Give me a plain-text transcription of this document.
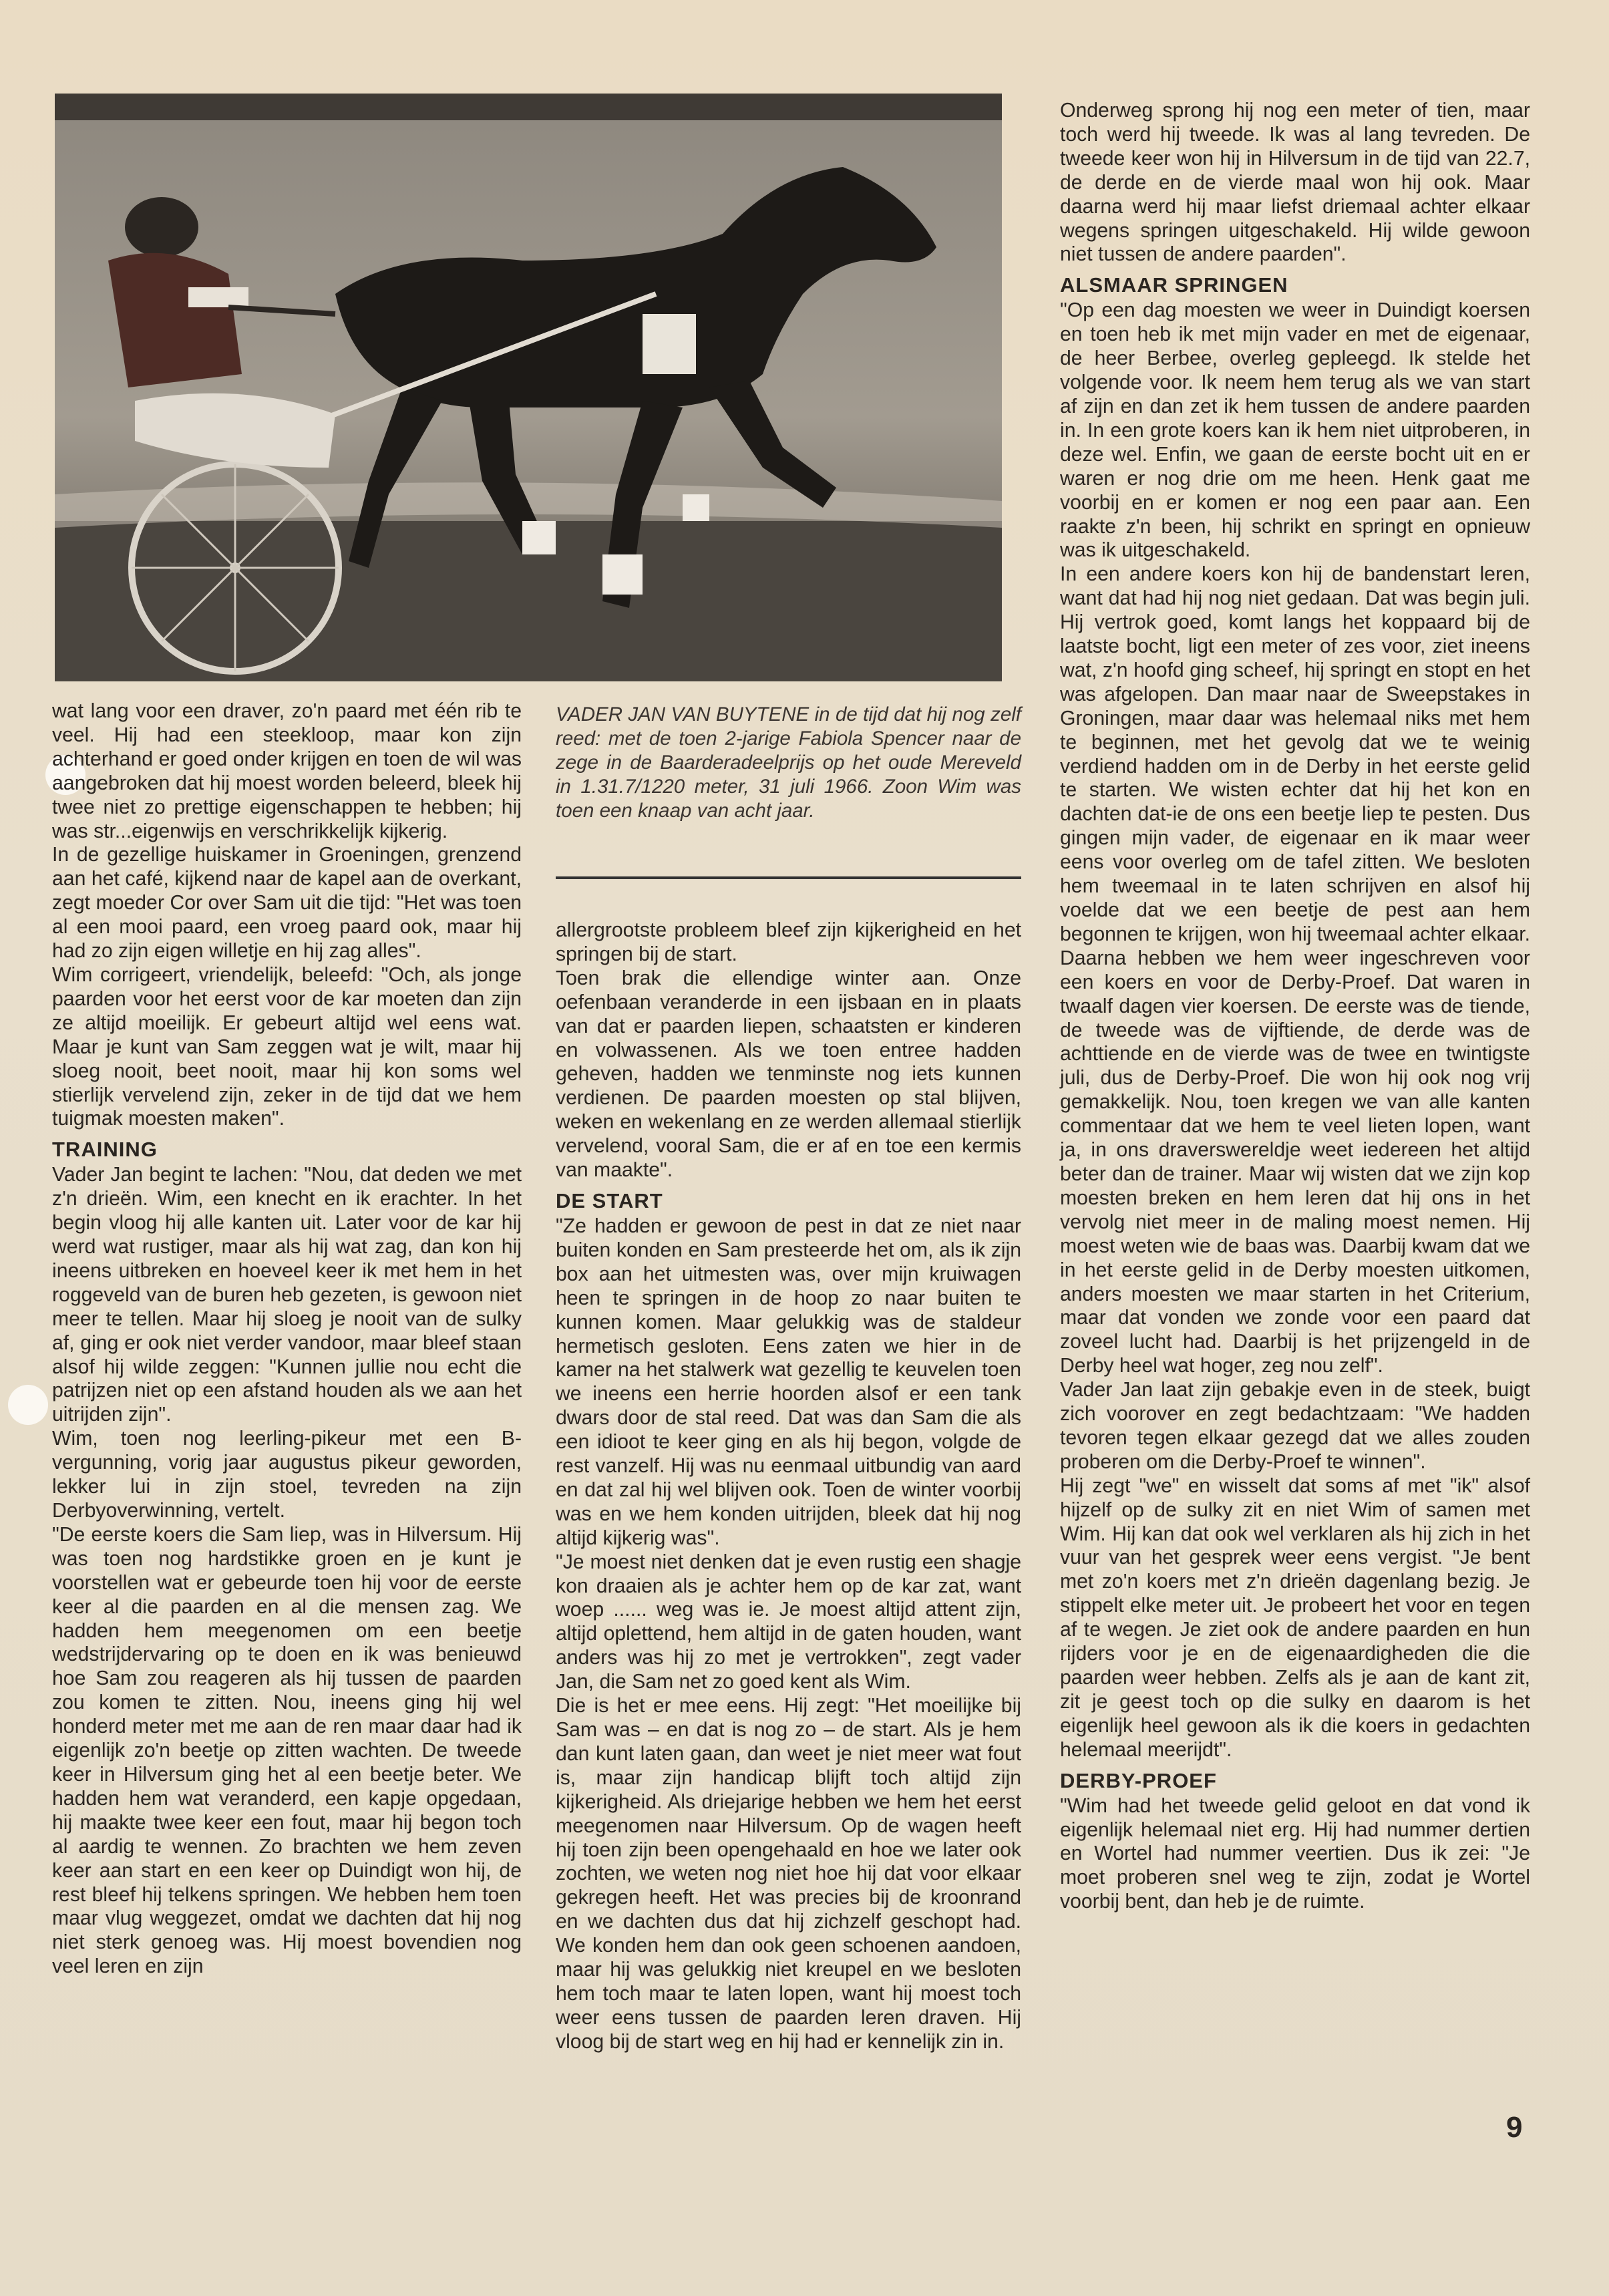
wat lang voor een draver, zo'n paard met één rib te veel. Hij had een steekloop, maar kon zijn achterhand er goed onder krijgen en toen de wil was aangebroken dat hij moest worden beleerd, bleek hij twee niet zo prettige eigenschappen te hebben; hij was str...eigenwijs en verschrikkelijk kijkerig.

In de gezellige huiskamer in Groeningen, grenzend aan het café, kijkend naar de kapel aan de overkant, zegt moeder Cor over Sam uit die tijd: "Het was toen al een mooi paard, een vroeg paard ook, maar hij had zo zijn eigen willetje en hij zag alles".

Wim corrigeert, vriendelijk, beleefd: "Och, als jonge paarden voor het eerst voor de kar moeten dan zijn ze altijd moeilijk. Er gebeurt altijd wel eens wat. Maar je kunt van Sam zeggen wat je wilt, maar hij sloeg nooit, beet nooit, maar hij kon soms wel stierlijk vervelend zijn, zeker in de tijd dat we hem tuigmak moesten maken".

TRAINING

Vader Jan begint te lachen: "Nou, dat deden we met z'n drieën. Wim, een knecht en ik erachter. In het begin vloog hij alle kanten uit. Later voor de kar hij werd wat rustiger, maar als hij wat zag, dan kon hij ineens uitbreken en hoeveel keer ik met hem in het roggeveld van de buren heb gezeten, is gewoon niet meer te tellen. Maar hij sloeg je nooit van de sulky af, ging er ook niet verder vandoor, maar bleef staan alsof hij wilde zeggen: "Kunnen jullie nou echt die patrijzen niet op een afstand houden als we aan het uitrijden zijn".

Wim, toen nog leerling-pikeur met een B-vergunning, vorig jaar augustus pikeur geworden, lekker lui in zijn stoel, tevreden na zijn Derbyoverwinning, vertelt.

"De eerste koers die Sam liep, was in Hilversum. Hij was toen nog hardstikke groen en je kunt je voorstellen wat er gebeurde toen hij voor de eerste keer al die paarden en al die mensen zag. We hadden hem meegenomen om een beetje wedstrijdervaring op te doen en ik was benieuwd hoe Sam zou reageren als hij tussen de paarden zou komen te zitten. Nou, ineens ging hij wel honderd meter met me aan de ren maar daar had ik eigenlijk zo'n beetje op zitten wachten. De tweede keer in Hilversum ging het al een beetje beter. We hadden hem wat veranderd, een kapje opgedaan, hij maakte twee keer een fout, maar hij begon toch al aardig te wennen. Zo brachten we hem zeven keer aan start en een keer op Duindigt won hij, de rest bleef hij telkens springen. We hebben hem toen maar vlug weggezet, omdat we dachten dat hij nog niet sterk genoeg was. Hij moest bovendien nog veel leren en zijn

VADER JAN VAN BUYTENE in de tijd dat hij nog zelf reed: met de toen 2-jarige Fabiola Spencer naar de zege in de Baarderadeelprijs op het oude Mereveld in 1.31.7/1220 meter, 31 juli 1966. Zoon Wim was toen een knaap van acht jaar.

allergrootste probleem bleef zijn kijkerigheid en het springen bij de start.

Toen brak die ellendige winter aan. Onze oefenbaan veranderde in een ijsbaan en in plaats van dat er paarden liepen, schaatsten er kinderen en volwassenen. Als we toen entree hadden geheven, hadden we tenminste nog iets kunnen verdienen. De paarden moesten op stal blijven, weken en wekenlang en ze werden allemaal stierlijk vervelend, vooral Sam, die er af en toe een kermis van maakte".

DE START

"Ze hadden er gewoon de pest in dat ze niet naar buiten konden en Sam presteerde het om, als ik zijn box aan het uitmesten was, over mijn kruiwagen heen te springen in de hoop zo naar buiten te kunnen komen. Maar gelukkig was de staldeur hermetisch gesloten. Eens zaten we hier in de kamer na het stalwerk wat gezellig te keuvelen toen we ineens een herrie hoorden alsof er een tank dwars door de stal reed. Dat was dan Sam die als een idioot te keer ging en als hij begon, volgde de rest vanzelf. Hij was nu eenmaal uitbundig van aard en dat zal hij wel blijven ook. Toen de winter voorbij was en we hem konden uitrijden, bleek dat hij nog altijd kijkerig was".

"Je moest niet denken dat je even rustig een shagje kon draaien als je achter hem op de kar zat, want woep ...... weg was ie. Je moest altijd attent zijn, altijd oplettend, hem altijd in de gaten houden, want anders was hij zo met je vertrokken", zegt vader Jan, die Sam net zo goed kent als Wim.

Die is het er mee eens. Hij zegt: "Het moeilijke bij Sam was – en dat is nog zo – de start. Als je hem dan kunt laten gaan, dan weet je niet meer wat fout is, maar zijn handicap blijft toch altijd zijn kijkerigheid. Als driejarige hebben we hem het eerst meegenomen naar Hilversum. Op de wagen heeft hij toen zijn been opengehaald en hoe we later ook zochten, we weten nog niet hoe hij dat voor elkaar gekregen heeft. Het was precies bij de kroonrand en we dachten dus dat hij zichzelf geschopt had. We konden hem dan ook geen schoenen aandoen, maar hij was gelukkig niet kreupel en we besloten hem toch maar te laten lopen, want hij moest toch weer eens tussen de paarden leren draven. Hij vloog bij de start weg en hij had er kennelijk zin in.

Onderweg sprong hij nog een meter of tien, maar toch werd hij tweede. Ik was al lang tevreden. De tweede keer won hij in Hilversum in de tijd van 22.7, de derde en de vierde maal won hij ook. Maar daarna werd hij maar liefst driemaal achter elkaar wegens springen uitgeschakeld. Hij wilde gewoon niet tussen de andere paarden".

ALSMAAR SPRINGEN

"Op een dag moesten we weer in Duindigt koersen en toen heb ik met mijn vader en met de eigenaar, de heer Berbee, overleg gepleegd. Ik stelde het volgende voor. Ik neem hem terug als we van start af zijn en dan zet ik hem tussen de andere paarden in. In een grote koers kan ik hem niet uitproberen, in deze wel. Enfin, we gaan de eerste bocht uit en er waren er nog drie om me heen. Henk gaat me voorbij en er komen er nog een paar aan. Een raakte z'n been, hij schrikt en springt en opnieuw was ik uitgeschakeld.

In een andere koers kon hij de bandenstart leren, want dat had hij nog niet gedaan. Dat was begin juli. Hij vertrok goed, komt langs het koppaard bij de laatste bocht, ligt een meter of zes voor, ziet ineens wat, z'n hoofd ging scheef, hij springt en stopt en het was afgelopen. Dan maar naar de Sweepstakes in Groningen, maar daar was helemaal niks met hem te beginnen, met het gevolg dat we te weinig verdiend hadden om in de Derby in het eerste gelid te starten. We wisten echter dat hij het kon en dachten dat-ie de ons een beetje liep te pesten. Dus gingen mijn vader, de eigenaar en ik maar weer eens voor overleg om de tafel zitten. We besloten hem tweemaal in te laten schrijven en alsof hij voelde dat we een beetje de pest aan hem begonnen te krijgen, won hij tweemaal achter elkaar. Daarna hebben we hem weer ingeschreven voor een koers en voor de Derby-Proef. Dat waren in twaalf dagen vier koersen. De eerste was de tiende, de tweede was de vijftiende, de derde was de achttiende en de vierde was de twee en twintigste juli, dus de Derby-Proef. Die won hij ook nog vrij gemakkelijk. Nou, toen kregen we van alle kanten commentaar dat we hem te veel lieten lopen, want ja, in ons draverswereldje weet iedereen het altijd beter dan de trainer. Maar wij wisten dat we zijn kop moesten breken en hem leren dat hij ons in het vervolg niet meer in de maling moest nemen. Hij moest weten wie de baas was. Daarbij kwam dat we in het eerste gelid in de Derby moesten uitkomen, anders moesten we maar starten in het Criterium, maar dat vonden we zonde voor een paard dat zoveel lucht had. Daarbij is het prijzengeld in de Derby heel wat hoger, zeg nou zelf".

Vader Jan laat zijn gebakje even in de steek, buigt zich voorover en zegt bedachtzaam: "We hadden tevoren tegen elkaar gezegd dat we alles zouden proberen om die Derby-Proef te winnen".

Hij zegt "we" en wisselt dat soms af met "ik" alsof hijzelf op de sulky zit en niet Wim of samen met Wim. Hij kan dat ook wel verklaren als hij zich in het vuur van het gesprek weer eens vergist. "Je bent met zo'n koers met z'n drieën dagenlang bezig. Je stippelt elke meter uit. Je probeert het voor en tegen af te wegen. Je ziet ook de andere paarden en hun rijders voor je en de eigenaardigheden die die paarden weer hebben. Zelfs als je aan de kant zit, zit je geest toch op die sulky en daarom is het eigenlijk heel gewoon als ik die koers in gedachten helemaal meerijdt".

DERBY-PROEF

"Wim had het tweede gelid geloot en dat vond ik eigenlijk helemaal niet erg. Hij had nummer dertien en Wortel had nummer veertien. Dus ik zei: "Je moet proberen snel weg te zijn, zodat je Wortel voorbij bent, dan heb je de ruimte.

9
